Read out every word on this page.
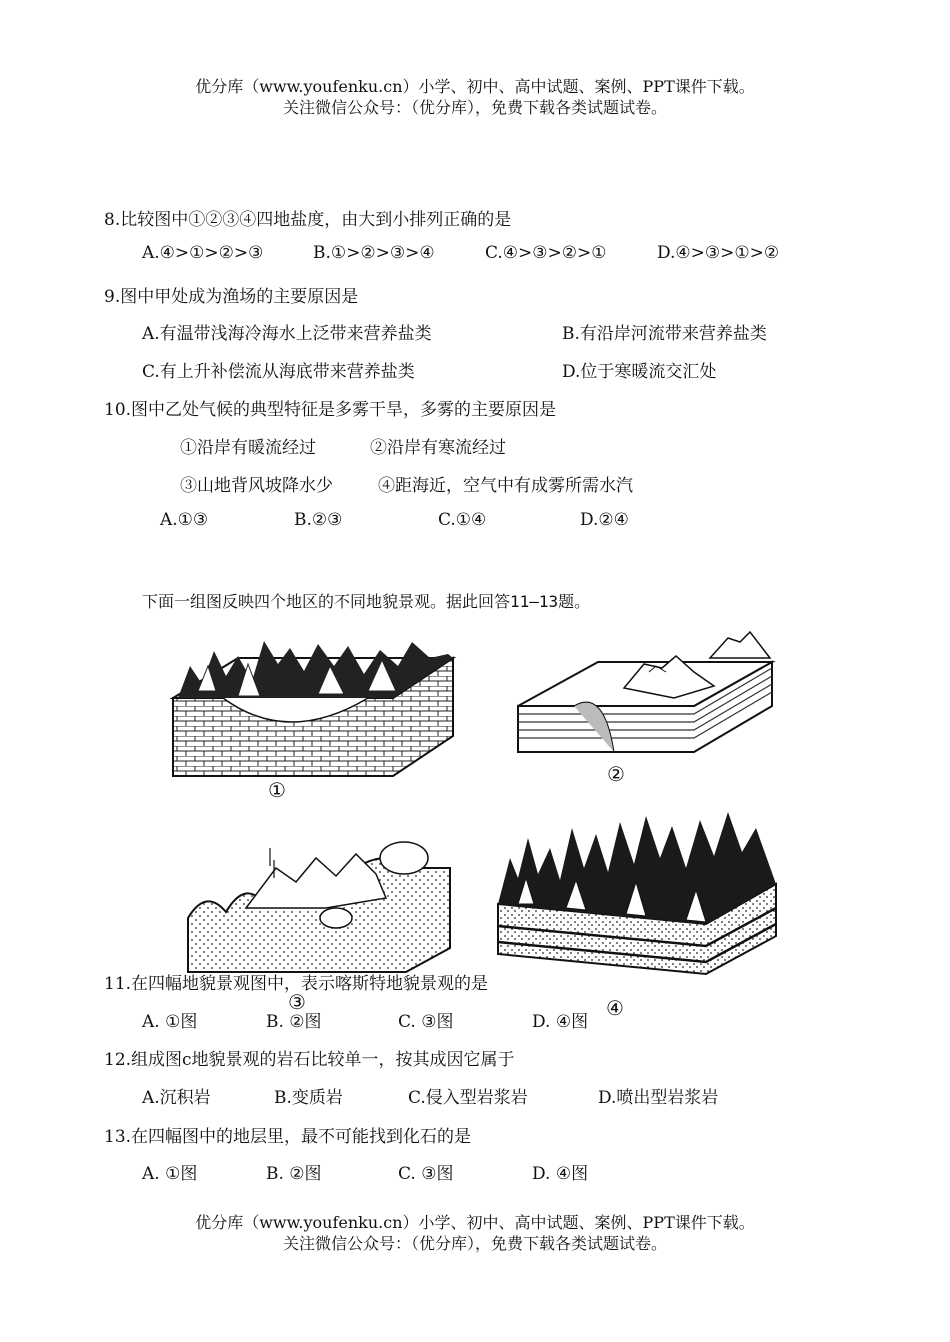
优分库（www.youfenku.cn）小学、初中、高中试题、案例、PPT课件下载。
关注微信公众号：（优分库），免费下载各类试题试卷。
8.比较图中①②③④四地盐度，由大到小排列正确的是
A.④>①>②>③	B.①>②>③>④	C.④>③>②>①	D.④>③>①>②
9.图中甲处成为渔场的主要原因是
A.有温带浅海冷海水上泛带来营养盐类	B.有沿岸河流带来营养盐类
C.有上升补偿流从海底带来营养盐类	D.位于寒暖流交汇处
10.图中乙处气候的典型特征是多雾干旱，多雾的主要原因是
①沿岸有暖流经过	②沿岸有寒流经过
③山地背风坡降水少	④距海近，空气中有成雾所需水汽
A.①③	B.②③	C.①④	D.②④
下面一组图反映四个地区的不同地貌景观。据此回答11—13题。
①
②
③	④
11.在四幅地貌景观图中，表示喀斯特地貌景观的是
A. ①图	B. ②图	C. ③图	D. ④图
12.组成图c地貌景观的岩石比较单一，按其成因它属于
A.沉积岩	B.变质岩	C.侵入型岩浆岩	D.喷出型岩浆岩
13.在四幅图中的地层里，最不可能找到化石的是
A. ①图	B. ②图	C. ③图	D. ④图
优分库（www.youfenku.cn）小学、初中、高中试题、案例、PPT课件下载。
关注微信公众号：（优分库），免费下载各类试题试卷。
